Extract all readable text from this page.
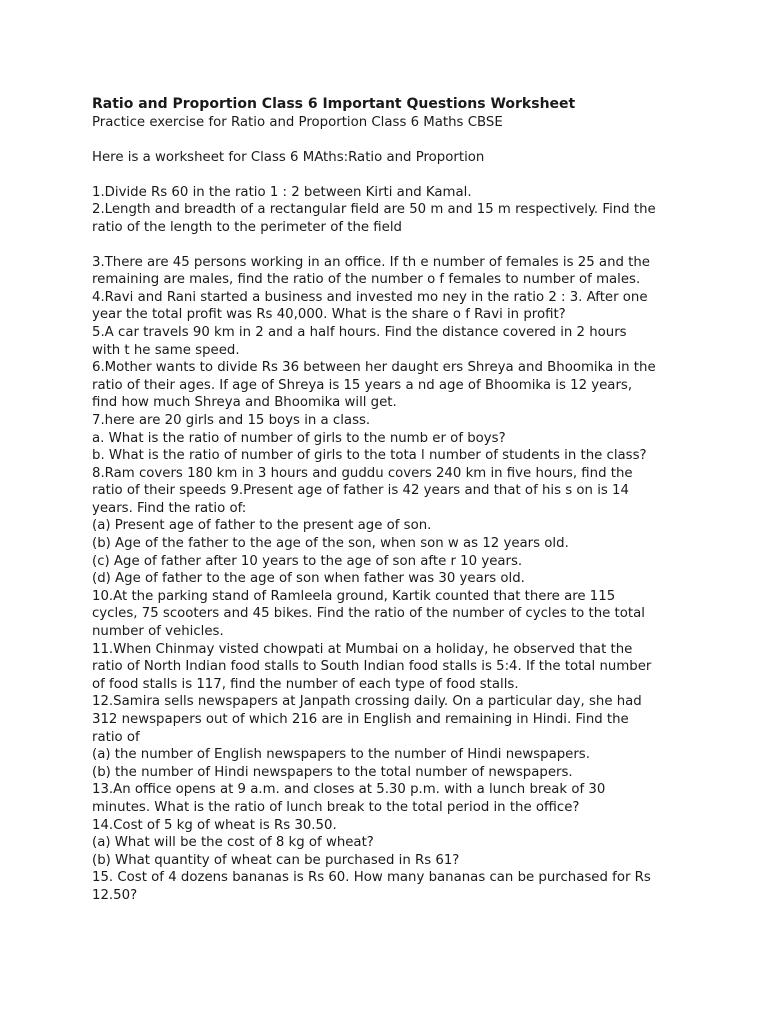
Ratio and Proportion Class 6 Important Questions Worksheet
Practice exercise for Ratio and Proportion Class 6 Maths CBSE
Here is a worksheet for Class 6 MAths:Ratio and Proportion
1.Divide Rs 60 in the ratio 1 : 2 between Kirti and Kamal.
2.Length and breadth of a rectangular field are 50 m and 15 m respectively. Find the
ratio of the length to the perimeter of the field
3.There are 45 persons working in an office. If th e number of females is 25 and the
remaining are males, find the ratio of the number o f females to number of males.
4.Ravi and Rani started a business and invested mo ney in the ratio 2 : 3. After one
year the total profit was Rs 40,000. What is the share o f Ravi in profit?
5.A car travels 90 km in 2 and a half hours. Find the distance covered in 2 hours
with t he same speed.
6.Mother wants to divide Rs 36 between her daught ers Shreya and Bhoomika in the
ratio of their ages. If age of Shreya is 15 years a nd age of Bhoomika is 12 years,
find how much Shreya and Bhoomika will get.
7.here are 20 girls and 15 boys in a class.
a. What is the ratio of number of girls to the numb er of boys?
b. What is the ratio of number of girls to the tota l number of students in the class?
8.Ram covers 180 km in 3 hours and guddu covers 240 km in five hours, find the
ratio of their speeds 9.Present age of father is 42 years and that of his s on is 14
years. Find the ratio of:
(a) Present age of father to the present age of son.
(b) Age of the father to the age of the son, when son w as 12 years old.
(c) Age of father after 10 years to the age of son afte r 10 years.
(d) Age of father to the age of son when father was 30 years old.
10.At the parking stand of Ramleela ground, Kartik counted that there are 115
cycles, 75 scooters and 45 bikes. Find the ratio of the number of cycles to the total
number of vehicles.
11.When Chinmay visted chowpati at Mumbai on a holiday, he observed that the
ratio of North Indian food stalls to South Indian food stalls is 5:4. If the total number
of food stalls is 117, find the number of each type of food stalls.
12.Samira sells newspapers at Janpath crossing daily. On a particular day, she had
312 newspapers out of which 216 are in English and remaining in Hindi. Find the
ratio of
(a) the number of English newspapers to the number of Hindi newspapers.
(b) the number of Hindi newspapers to the total number of newspapers.
13.An office opens at 9 a.m. and closes at 5.30 p.m. with a lunch break of 30
minutes. What is the ratio of lunch break to the total period in the office?
14.Cost of 5 kg of wheat is Rs 30.50.
(a) What will be the cost of 8 kg of wheat?
(b) What quantity of wheat can be purchased in Rs 61?
15. Cost of 4 dozens bananas is Rs 60. How many bananas can be purchased for Rs
12.50?
